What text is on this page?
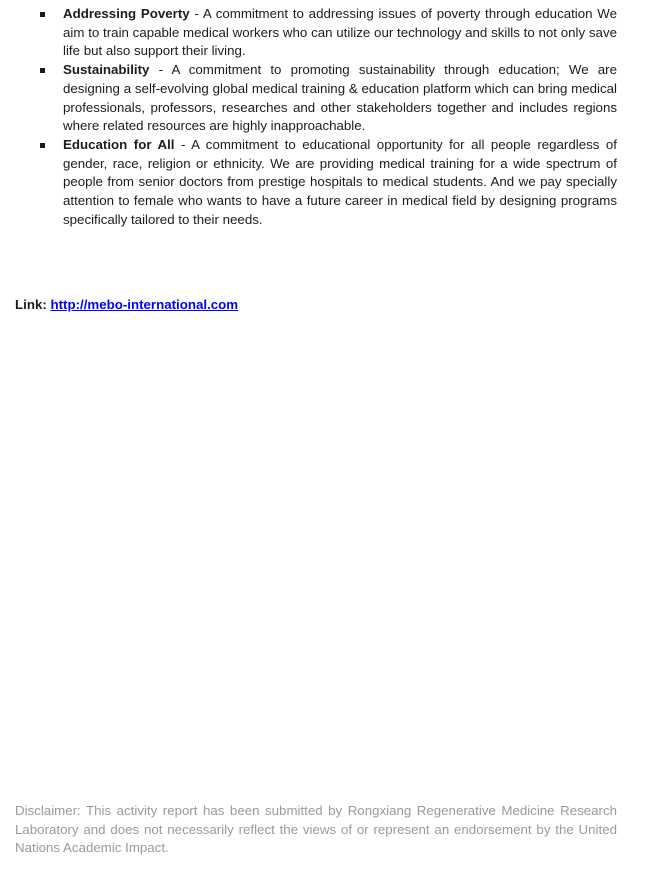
Addressing Poverty - A commitment to addressing issues of poverty through education We aim to train capable medical workers who can utilize our technology and skills to not only save life but also support their living.
Sustainability - A commitment to promoting sustainability through education; We are designing a self-evolving global medical training & education platform which can bring medical professionals, professors, researches and other stakeholders together and includes regions where related resources are highly inapproachable.
Education for All - A commitment to educational opportunity for all people regardless of gender, race, religion or ethnicity. We are providing medical training for a wide spectrum of people from senior doctors from prestige hospitals to medical students. And we pay specially attention to female who wants to have a future career in medical field by designing programs specifically tailored to their needs.
Link: http://mebo-international.com
Disclaimer: This activity report has been submitted by Rongxiang Regenerative Medicine Research Laboratory and does not necessarily reflect the views of or represent an endorsement by the United Nations Academic Impact.
